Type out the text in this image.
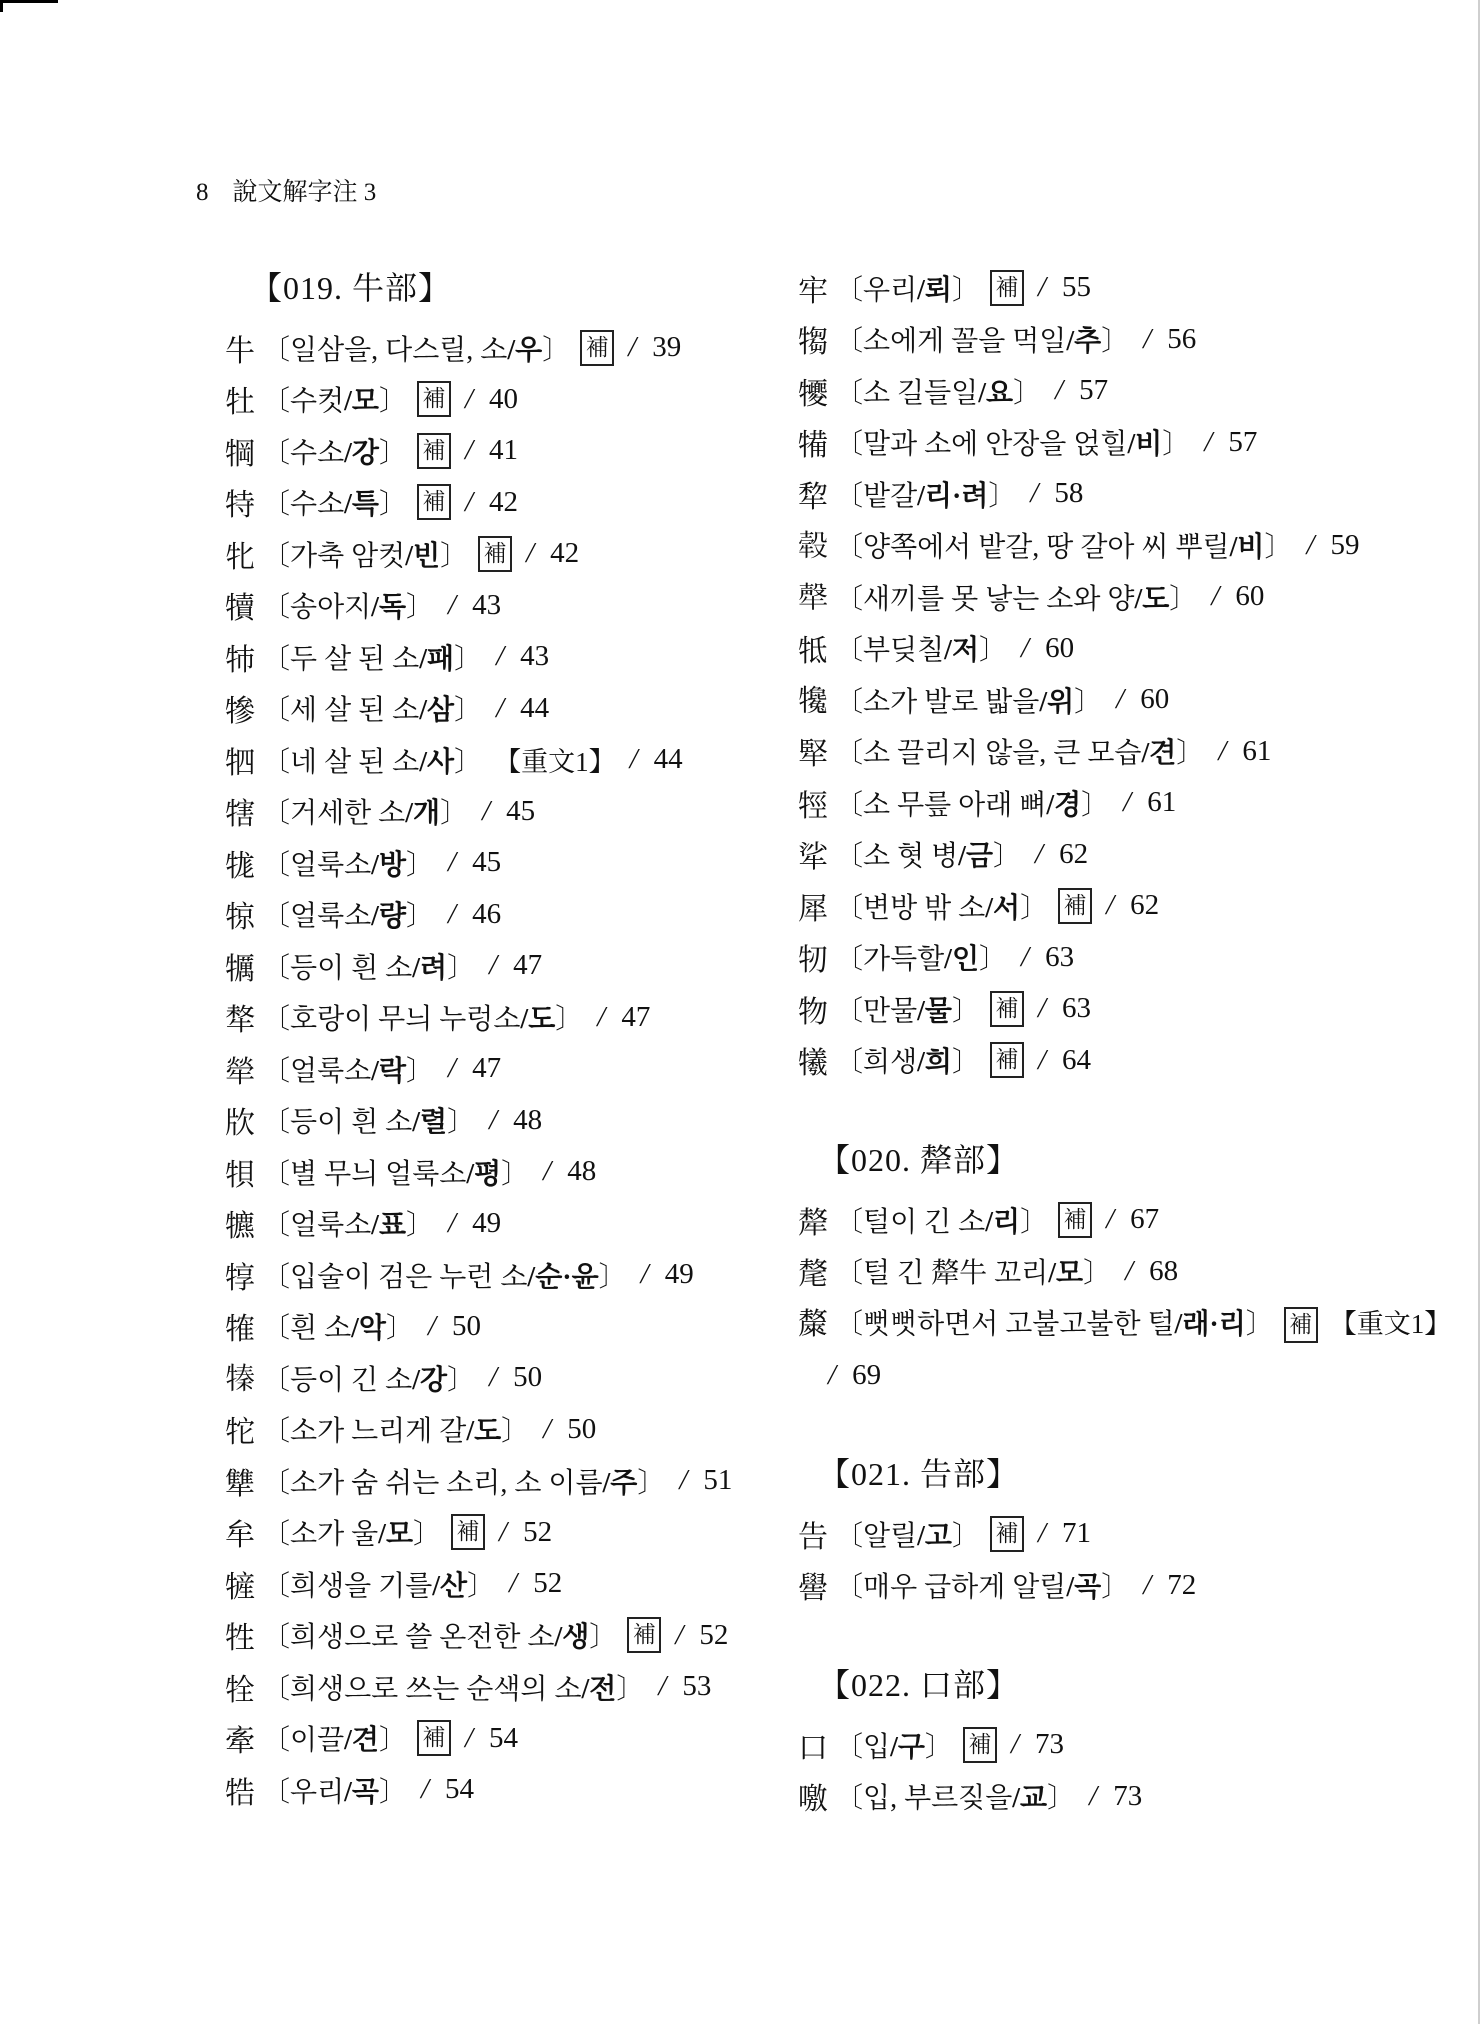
8 說文解字注 3
【019. 牛部】
牛 〔일삼을, 다스릴, 소/우〕 補 / 39
牡 〔수컷/모〕 補 / 40
犅 〔수소/강〕 補 / 41
特 〔수소/특〕 補 / 42
牝 〔가축 암컷/빈〕 補 / 42
犢 〔송아지/독〕 / 43
㸬 〔두 살 된 소/패〕 / 43
犙 〔세 살 된 소/삼〕 / 44
牭 〔네 살 된 소/사〕 【重文1】 / 44
犗 〔거세한 소/개〕 / 45
牻 〔얼룩소/방〕 / 45
㹁 〔얼룩소/량〕 / 46
犡 〔등이 흰 소/려〕 / 47
㹈 〔호랑이 무늬 누렁소/도〕 / 47
犖 〔얼룩소/락〕 / 47
㸝 〔등이 흰 소/렬〕 / 48
㸽 〔별 무늬 얼룩소/평〕 / 48
犥 〔얼룩소/표〕 / 49
犉 〔입술이 검은 누런 소/순·윤〕 / 49
㹊 〔흰 소/악〕 / 50
𤚩 〔등이 긴 소/강〕 / 50
㸰 〔소가 느리게 갈/도〕 / 50
犨 〔소가 숨 쉬는 소리, 소 이름/주〕 / 51
牟 〔소가 울/모〕 補 / 52
㹌 〔희생을 기를/산〕 / 52
牲 〔희생으로 쓸 온전한 소/생〕 補 / 52
牷 〔희생으로 쓰는 순색의 소/전〕 / 53
牽 〔이끌/견〕 補 / 54
牿 〔우리/곡〕 / 54
牢 〔우리/뢰〕 補 / 55
犓 〔소에게 꼴을 먹일/추〕 / 56
㹛 〔소 길들일/요〕 / 57
犕 〔말과 소에 안장을 얹힐/비〕 / 57
犂 〔밭갈/리·려〕 / 58
𤚲 〔양쪽에서 밭갈, 땅 갈아 씨 뿌릴/비〕 / 59
𤛗 〔새끼를 못 낳는 소와 양/도〕 / 60
牴 〔부딪칠/저〕 / 60
𤜇 〔소가 발로 밟을/위〕 / 60
㹂 〔소 끌리지 않을, 큰 모습/견〕 / 61
牼 〔소 무릎 아래 뼈/경〕 / 61
㸺 〔소 혓 병/금〕 / 62
犀 〔변방 밖 소/서〕 補 / 62
牣 〔가득할/인〕 / 63
物 〔만물/물〕 補 / 63
犧 〔희생/희〕 補 / 64
【020. 犛部】
犛 〔털이 긴 소/리〕 補 / 67
氂 〔털 긴 犛牛 꼬리/모〕 / 68
斄 〔뻣뻣하면서 고불고불한 털/래·리〕 補 【重文1】
/ 69
【021. 告部】
告 〔알릴/고〕 補 / 71
嚳 〔매우 급하게 알릴/곡〕 / 72
【022. 口部】
口 〔입/구〕 補 / 73
噭 〔입, 부르짖을/교〕 / 73
